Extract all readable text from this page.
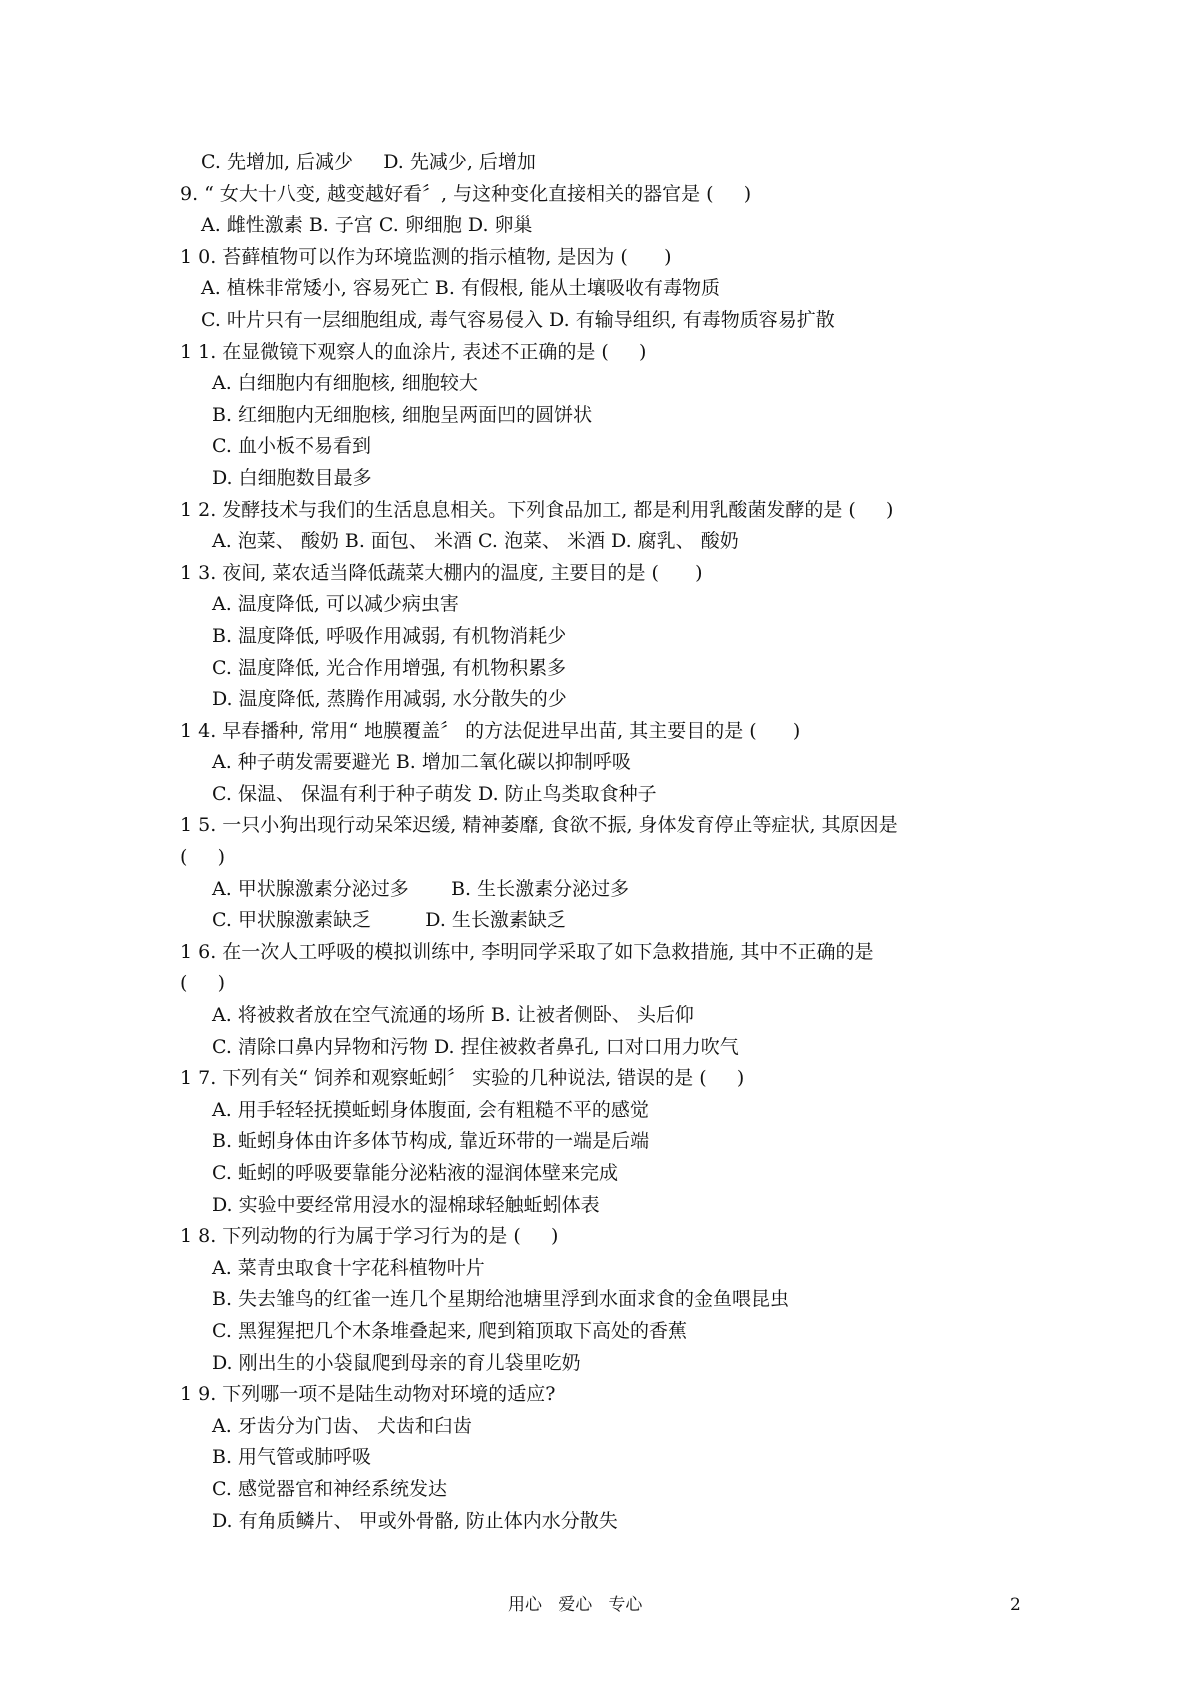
C. 先增加, 后减少     D. 先减少, 后增加
9. “ 女大十八变, 越变越好看〞, 与这种变化直接相关的器官是 (     )
A. 雌性激素 B. 子宫 C. 卵细胞 D. 卵巢
1 0. 苔藓植物可以作为环境监测的指示植物, 是因为 (      )
A. 植株非常矮小, 容易死亡 B. 有假根, 能从土壤吸收有毒物质
C. 叶片只有一层细胞组成, 毒气容易侵入 D. 有输导组织, 有毒物质容易扩散
1 1. 在显微镜下观察人的血涂片, 表述不正确的是 (     )
A. 白细胞内有细胞核, 细胞较大
B. 红细胞内无细胞核, 细胞呈两面凹的圆饼状
C. 血小板不易看到
D. 白细胞数目最多
1 2. 发酵技术与我们的生活息息相关。下列食品加工, 都是利用乳酸菌发酵的是 (     )
A. 泡菜、 酸奶 B. 面包、 米酒 C. 泡菜、 米酒 D. 腐乳、 酸奶
1 3. 夜间, 菜农适当降低蔬菜大棚内的温度, 主要目的是 (      )
A. 温度降低, 可以减少病虫害
B. 温度降低, 呼吸作用减弱, 有机物消耗少
C. 温度降低, 光合作用增强, 有机物积累多
D. 温度降低, 蒸腾作用减弱, 水分散失的少
1 4. 早春播种, 常用“ 地膜覆盖〞 的方法促进早出苗, 其主要目的是 (      )
A. 种子萌发需要避光 B. 增加二氧化碳以抑制呼吸
C. 保温、 保温有利于种子萌发 D. 防止鸟类取食种子
1 5. 一只小狗出现行动呆笨迟缓, 精神萎靡, 食欲不振, 身体发育停止等症状, 其原因是
(     )
A. 甲状腺激素分泌过多       B. 生长激素分泌过多
C. 甲状腺激素缺乏         D. 生长激素缺乏
1 6. 在一次人工呼吸的模拟训练中, 李明同学采取了如下急救措施, 其中不正确的是
(     )
A. 将被救者放在空气流通的场所 B. 让被者侧卧、 头后仰
C. 清除口鼻内异物和污物 D. 捏住被救者鼻孔, 口对口用力吹气
1 7. 下列有关“ 饲养和观察蚯蚓〞 实验的几种说法, 错误的是 (     )
A. 用手轻轻抚摸蚯蚓身体腹面, 会有粗糙不平的感觉
B. 蚯蚓身体由许多体节构成, 靠近环带的一端是后端
C. 蚯蚓的呼吸要靠能分泌粘液的湿润体壁来完成
D. 实验中要经常用浸水的湿棉球轻触蚯蚓体表
1 8. 下列动物的行为属于学习行为的是 (     )
A. 菜青虫取食十字花科植物叶片
B. 失去雏鸟的红雀一连几个星期给池塘里浮到水面求食的金鱼喂昆虫
C. 黑猩猩把几个木条堆叠起来, 爬到箱顶取下高处的香蕉
D. 刚出生的小袋鼠爬到母亲的育儿袋里吃奶
1 9. 下列哪一项不是陆生动物对环境的适应?
A. 牙齿分为门齿、 犬齿和臼齿
B. 用气管或肺呼吸
C. 感觉器官和神经系统发达
D. 有角质鳞片、 甲或外骨骼, 防止体内水分散失
用心   爱心   专心	2
